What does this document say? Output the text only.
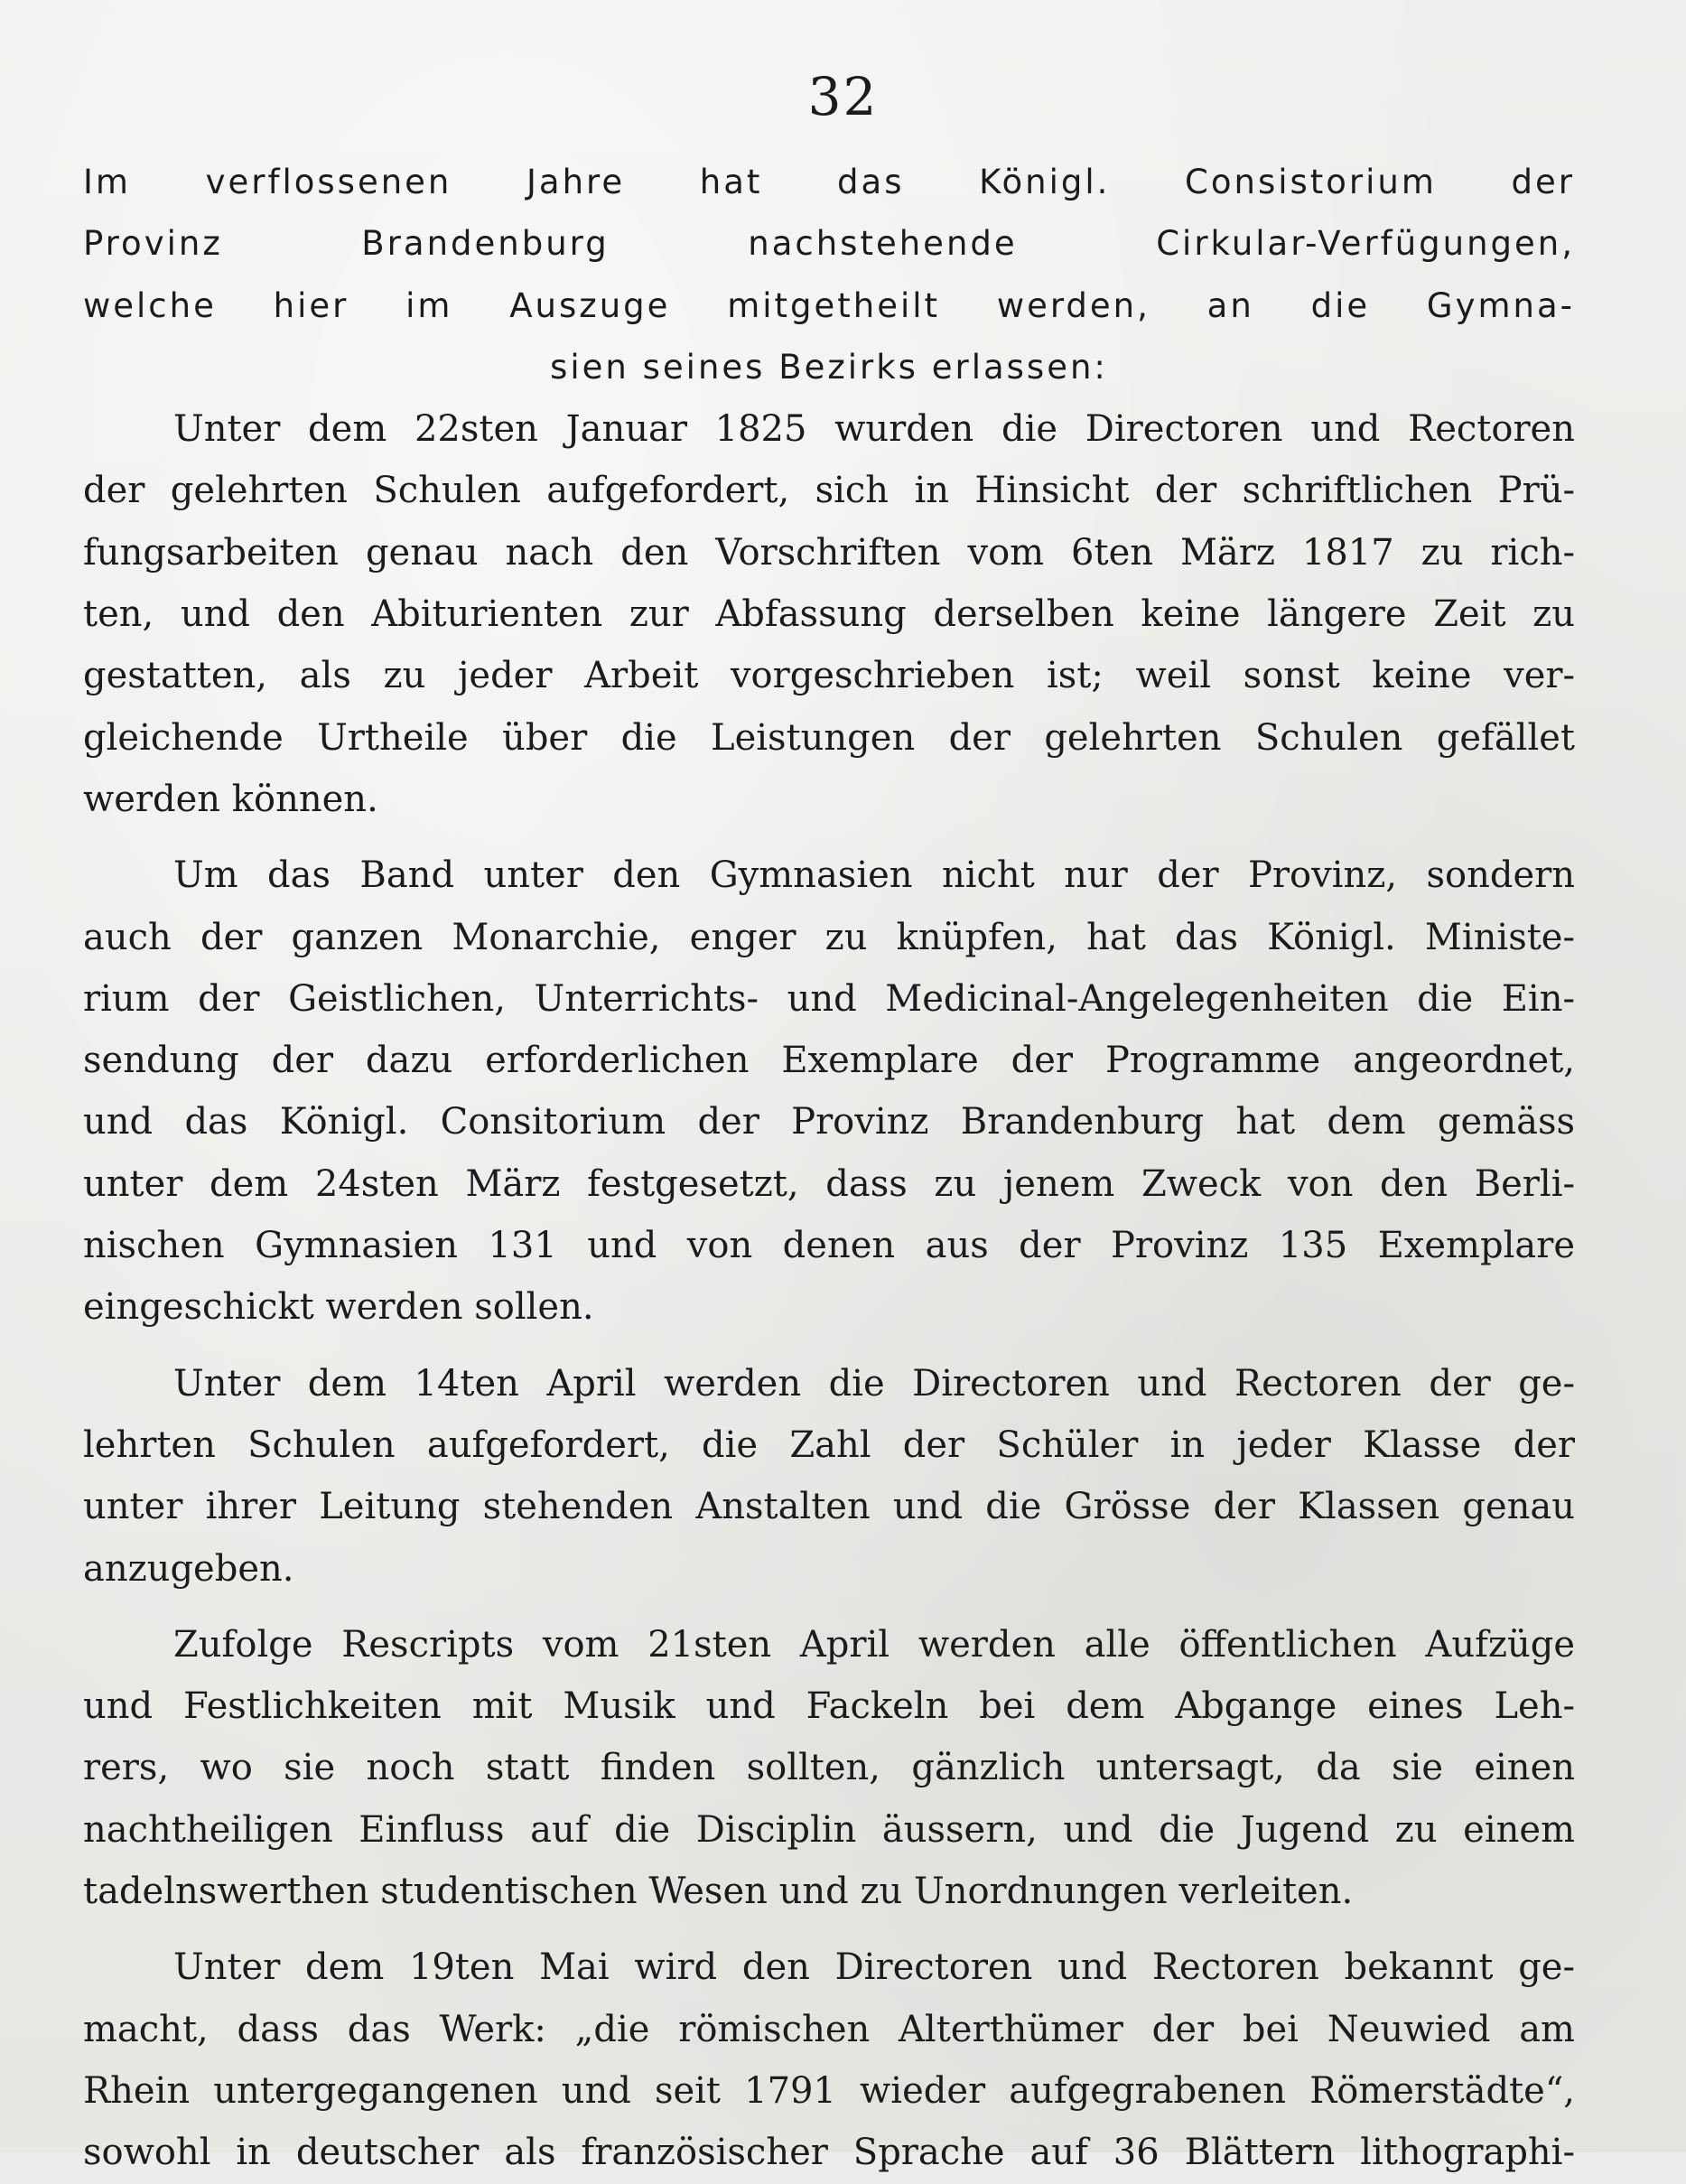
32
Im verflossenen Jahre hat das Königl. Consistorium der
Provinz Brandenburg nachstehende Cirkular-Verfügungen,
welche hier im Auszuge mitgetheilt werden, an die Gymna-
sien seines Bezirks erlassen:
Unter dem 22sten Januar 1825 wurden die Directoren und Rectoren
der gelehrten Schulen aufgefordert, sich in Hinsicht der schriftlichen Prü-
fungsarbeiten genau nach den Vorschriften vom 6ten März 1817 zu rich-
ten, und den Abiturienten zur Abfassung derselben keine längere Zeit zu
gestatten, als zu jeder Arbeit vorgeschrieben ist; weil sonst keine ver-
gleichende Urtheile über die Leistungen der gelehrten Schulen gefället
werden können.
Um das Band unter den Gymnasien nicht nur der Provinz, sondern
auch der ganzen Monarchie, enger zu knüpfen, hat das Königl. Ministe-
rium der Geistlichen, Unterrichts- und Medicinal-Angelegenheiten die Ein-
sendung der dazu erforderlichen Exemplare der Programme angeordnet,
und das Königl. Consitorium der Provinz Brandenburg hat dem gemäss
unter dem 24sten März festgesetzt, dass zu jenem Zweck von den Berli-
nischen Gymnasien 131 und von denen aus der Provinz 135 Exemplare
eingeschickt werden sollen.
Unter dem 14ten April werden die Directoren und Rectoren der ge-
lehrten Schulen aufgefordert, die Zahl der Schüler in jeder Klasse der
unter ihrer Leitung stehenden Anstalten und die Grösse der Klassen genau
anzugeben.
Zufolge Rescripts vom 21sten April werden alle öffentlichen Aufzüge
und Festlichkeiten mit Musik und Fackeln bei dem Abgange eines Leh-
rers, wo sie noch statt finden sollten, gänzlich untersagt, da sie einen
nachtheiligen Einfluss auf die Disciplin äussern, und die Jugend zu einem
tadelnswerthen studentischen Wesen und zu Unordnungen verleiten.
Unter dem 19ten Mai wird den Directoren und Rectoren bekannt ge-
macht, dass das Werk: „die römischen Alterthümer der bei Neuwied am
Rhein untergegangenen und seit 1791 wieder aufgegrabenen Römerstädte“,
sowohl in deutscher als französischer Sprache auf 36 Blättern lithographi-
